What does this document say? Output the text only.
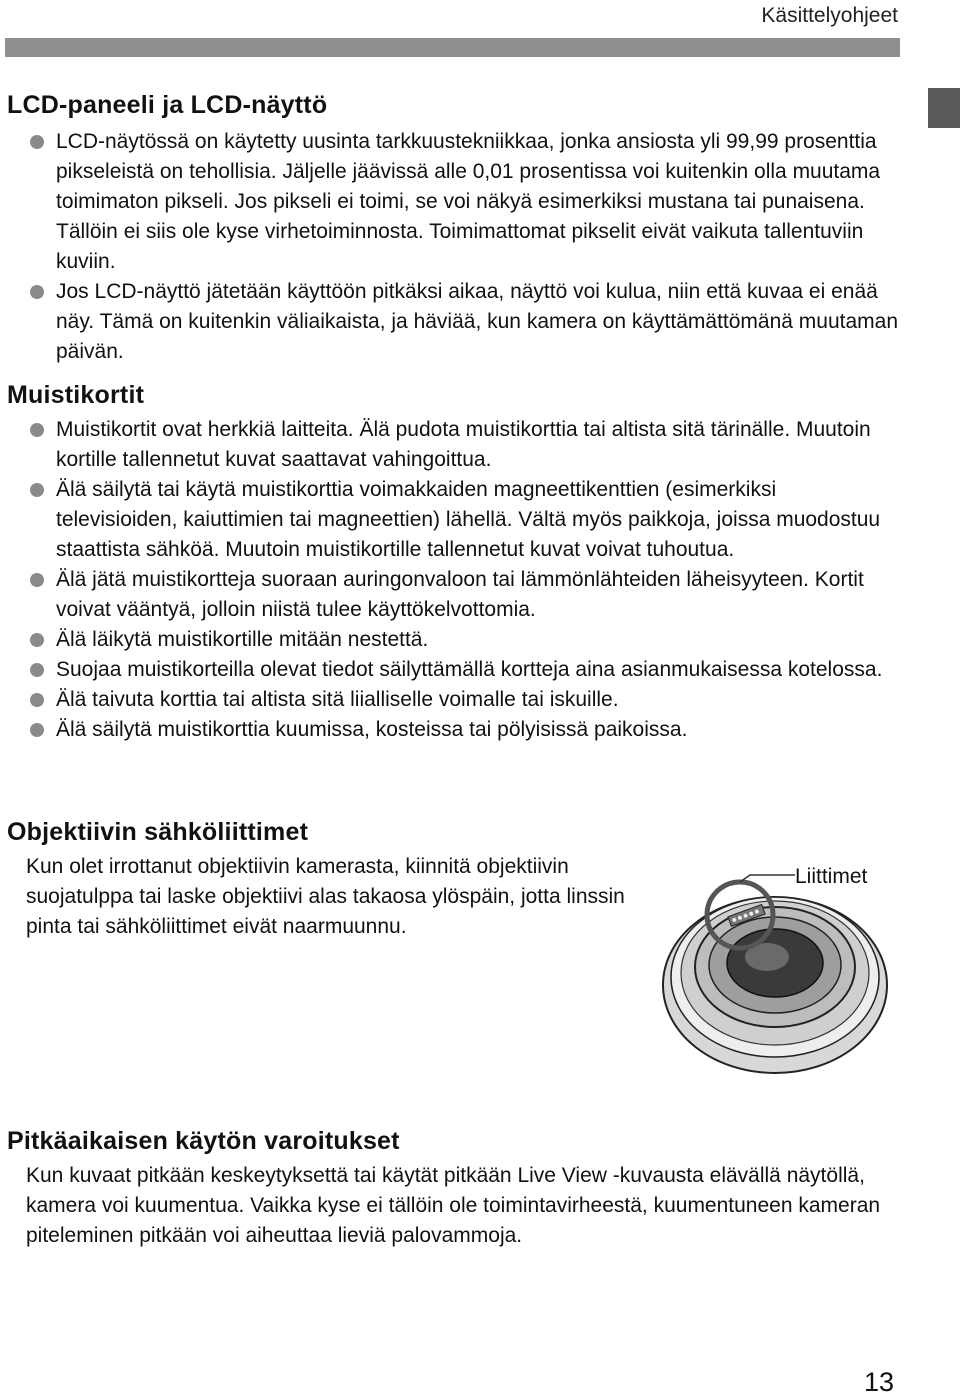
Käsittelyohjeet
LCD-paneeli ja LCD-näyttö
LCD-näytössä on käytetty uusinta tarkkuustekniikkaa, jonka ansiosta yli 99,99 prosenttia pikseleistä on tehollisia. Jäljelle jäävissä alle 0,01 prosentissa voi kuitenkin olla muutama toimimaton pikseli. Jos pikseli ei toimi, se voi näkyä esimerkiksi mustana tai punaisena. Tällöin ei siis ole kyse virhetoiminnosta. Toimimattomat pikselit eivät vaikuta tallentuviin kuviin.
Jos LCD-näyttö jätetään käyttöön pitkäksi aikaa, näyttö voi kulua, niin että kuvaa ei enää näy. Tämä on kuitenkin väliaikaista, ja häviää, kun kamera on käyttämättömänä muutaman päivän.
Muistikortit
Muistikortit ovat herkkiä laitteita. Älä pudota muistikorttia tai altista sitä tärinälle. Muutoin kortille tallennetut kuvat saattavat vahingoittua.
Älä säilytä tai käytä muistikorttia voimakkaiden magneettikenttien (esimerkiksi televisioiden, kaiuttimien tai magneettien) lähellä. Vältä myös paikkoja, joissa muodostuu staattista sähköä. Muutoin muistikortille tallennetut kuvat voivat tuhoutua.
Älä jätä muistikortteja suoraan auringonvaloon tai lämmönlähteiden läheisyyteen. Kortit voivat vääntyä, jolloin niistä tulee käyttökelvottomia.
Älä läikytä muistikortille mitään nestettä.
Suojaa muistikorteilla olevat tiedot säilyttämällä kortteja aina asianmukaisessa kotelossa.
Älä taivuta korttia tai altista sitä liialliselle voimalle tai iskuille.
Älä säilytä muistikorttia kuumissa, kosteissa tai pölyisissä paikoissa.
Objektiivin sähköliittimet

Kun olet irrottanut objektiivin kamerasta, kiinnitä objektiivin suojatulppa tai laske objektiivi alas takaosa ylöspäin, jotta linssin pinta tai sähköliittimet eivät naarmuunnu.

Liittimet
Pitkäaikaisen käytön varoitukset

Kun kuvaat pitkään keskeytyksettä tai käytät pitkään Live View -kuvausta elävällä näytöllä, kamera voi kuumentua. Vaikka kyse ei tällöin ole toimintavirheestä, kuumentuneen kameran piteleminen pitkään voi aiheuttaa lieviä palovammoja.

13
